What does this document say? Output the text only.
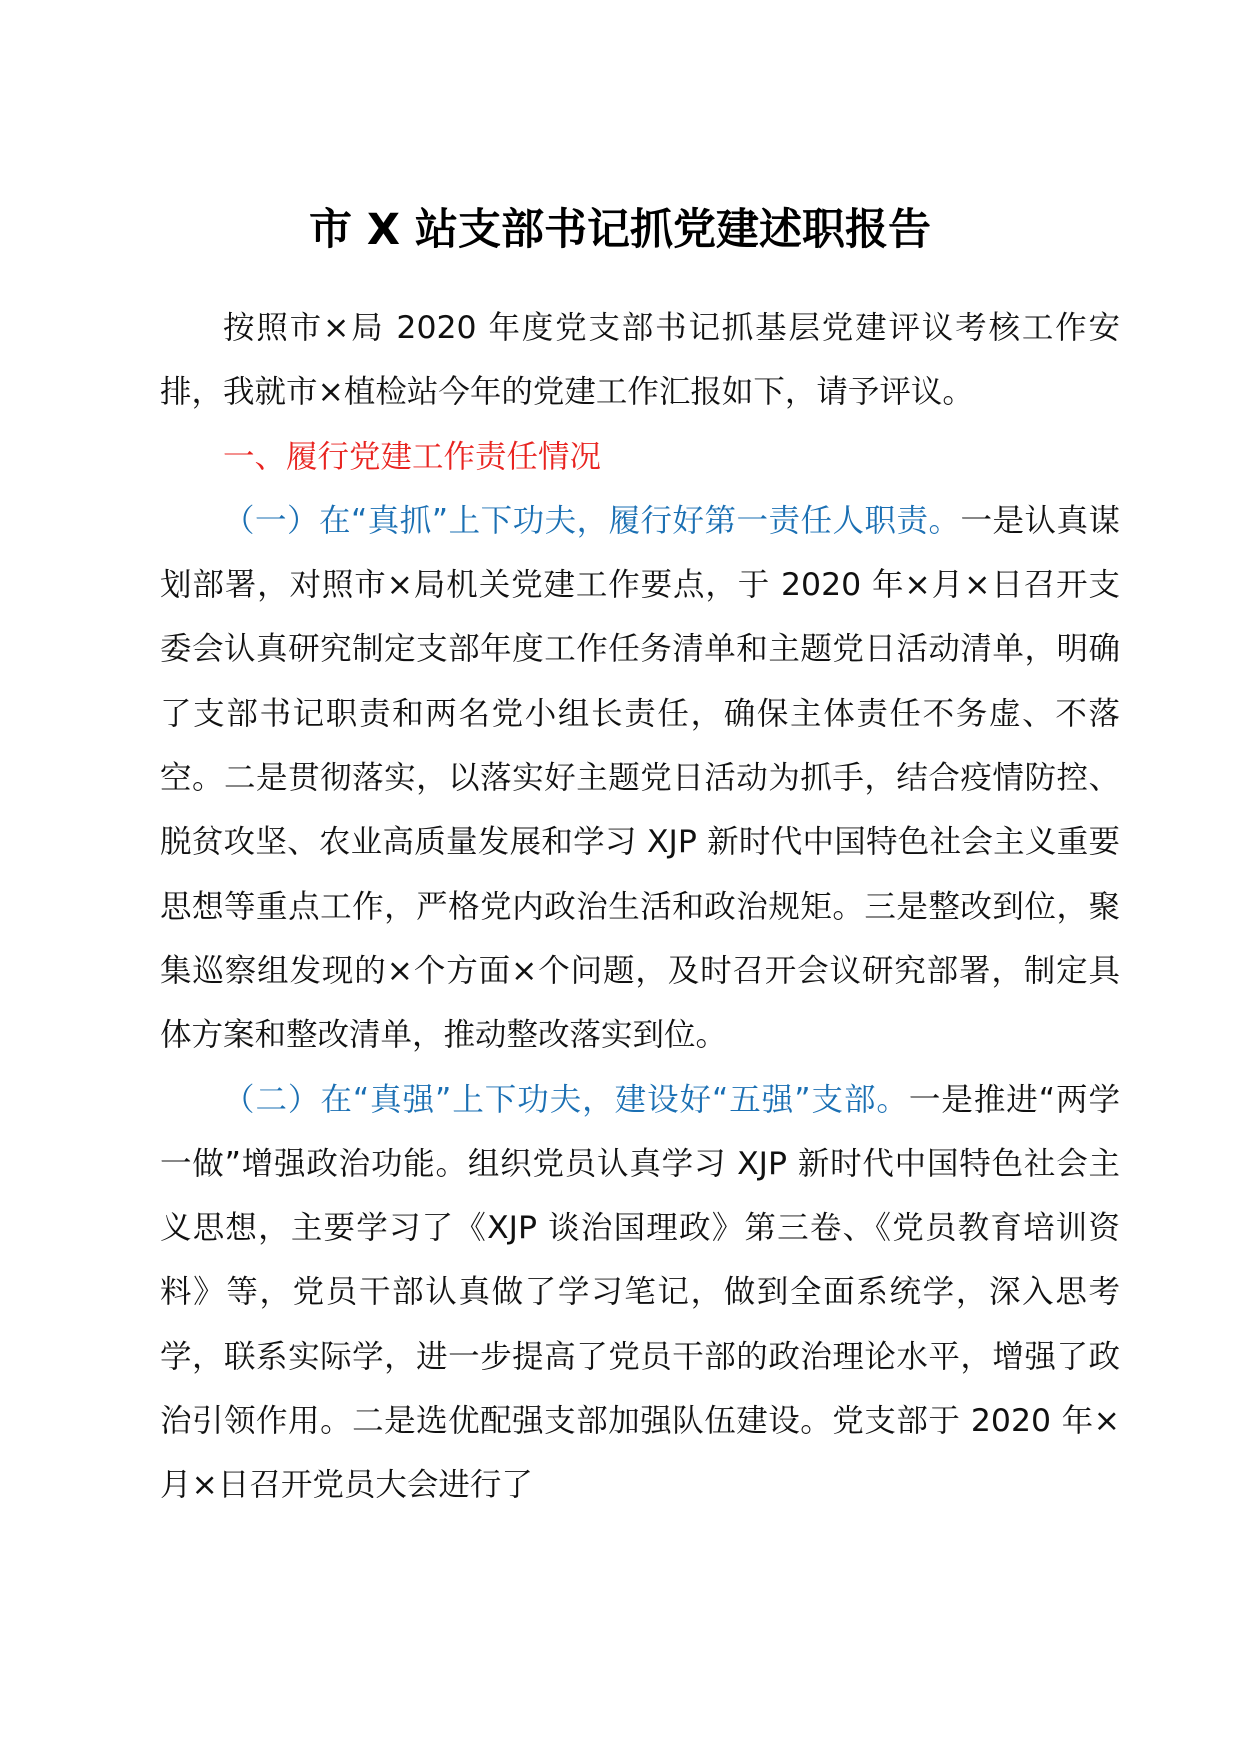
市 X 站支部书记抓党建述职报告

按照市×局 2020 年度党支部书记抓基层党建评议考核工作安排，我就市×植检站今年的党建工作汇报如下，请予评议。

一、履行党建工作责任情况

（一）在“真抓”上下功夫，履行好第一责任人职责。一是认真谋划部署，对照市×局机关党建工作要点，于 2020 年×月×日召开支委会认真研究制定支部年度工作任务清单和主题党日活动清单，明确了支部书记职责和两名党小组长责任，确保主体责任不务虚、不落空。二是贯彻落实，以落实好主题党日活动为抓手，结合疫情防控、脱贫攻坚、农业高质量发展和学习 XJP 新时代中国特色社会主义重要思想等重点工作，严格党内政治生活和政治规矩。三是整改到位，聚集巡察组发现的×个方面×个问题，及时召开会议研究部署，制定具体方案和整改清单，推动整改落实到位。

（二）在“真强”上下功夫，建设好“五强”支部。一是推进“两学一做”增强政治功能。组织党员认真学习 XJP 新时代中国特色社会主义思想，主要学习了《XJP 谈治国理政》第三卷、《党员教育培训资料》等，党员干部认真做了学习笔记，做到全面系统学，深入思考学，联系实际学，进一步提高了党员干部的政治理论水平，增强了政治引领作用。二是选优配强支部加强队伍建设。党支部于 2020 年×月×日召开党员大会进行了
